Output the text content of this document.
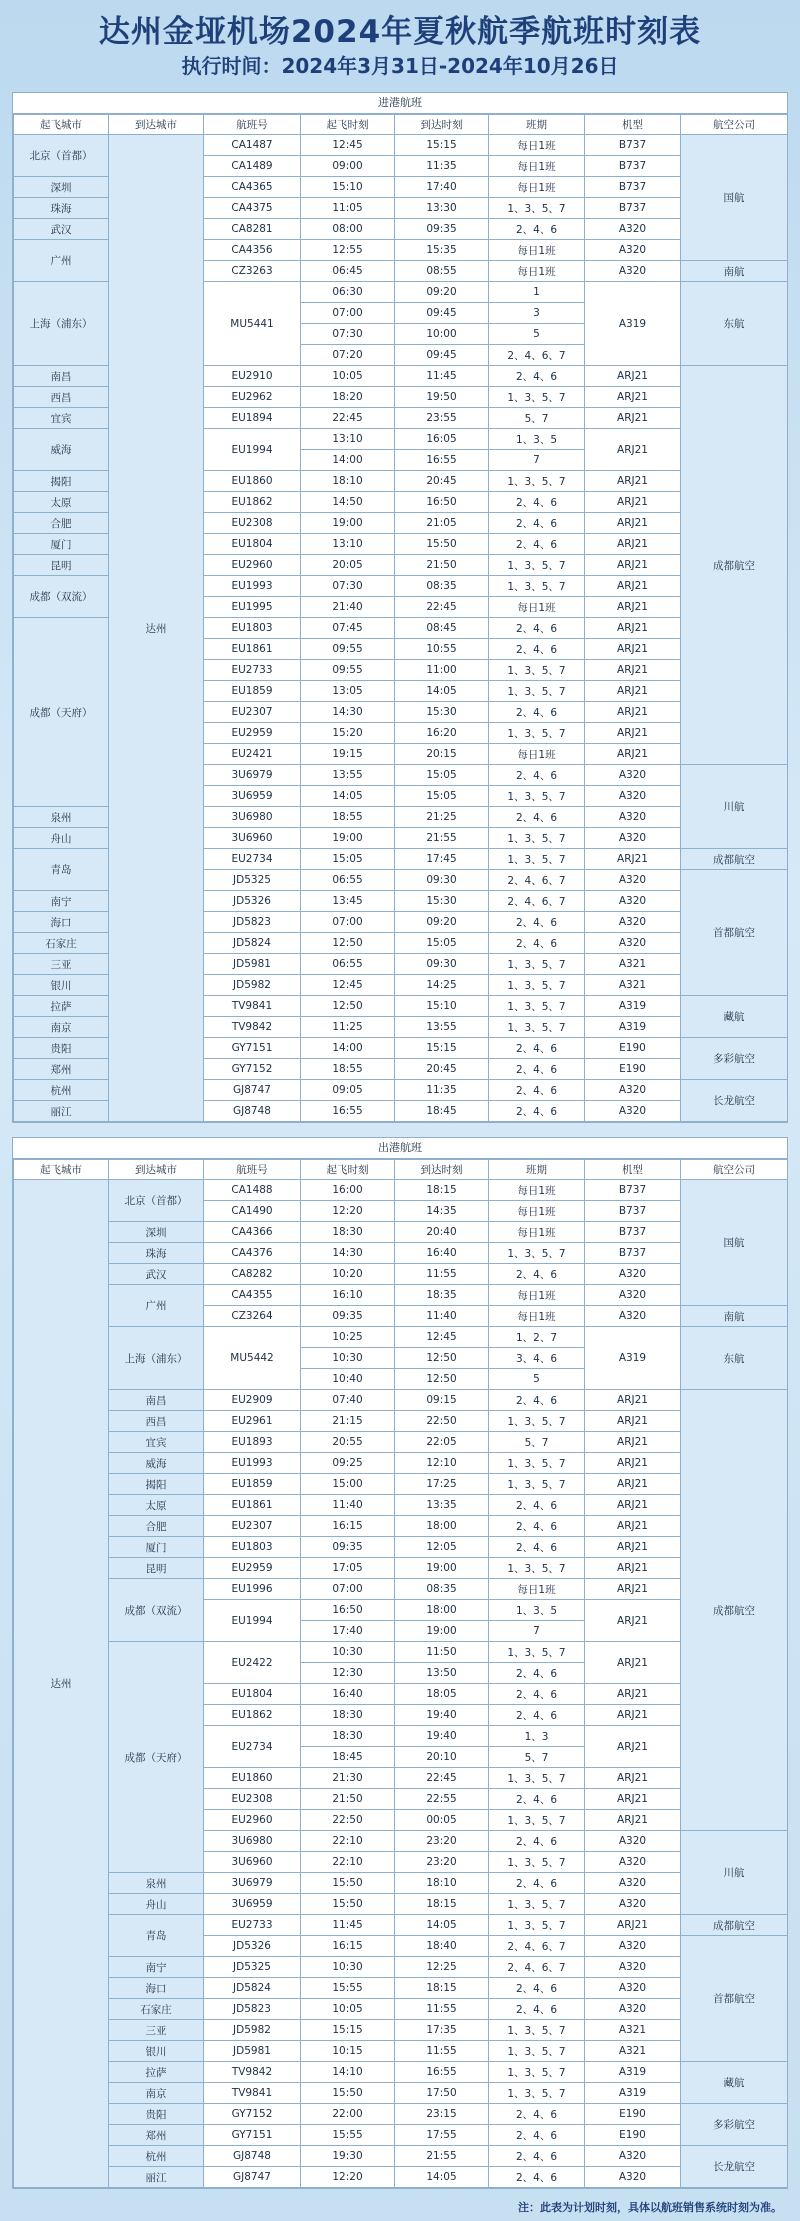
达州金垭机场2024年夏秋航季航班时刻表
执行时间：2024年3月31日-2024年10月26日
进港航班
起飞城市	到达城市	航班号	起飞时刻	到达时刻	班期	机型	航空公司
北京（首都）	达州	CA1487	12:45	15:15	每日1班	B737	国航
		CA1489	09:00	11:35	每日1班	B737	
深圳		CA4365	15:10	17:40	每日1班	B737	
珠海		CA4375	11:05	13:30	1、3、5、7	B737	
武汉		CA8281	08:00	09:35	2、4、6	A320	
广州		CA4356	12:55	15:35	每日1班	A320	
		CZ3263	06:45	08:55	每日1班	A320	南航
上海（浦东）		MU5441	06:30	09:20	1	A319	东航
			07:00	09:45	3		
			07:30	10:00	5		
			07:20	09:45	2、4、6、7		
南昌		EU2910	10:05	11:45	2、4、6	ARJ21	成都航空
西昌		EU2962	18:20	19:50	1、3、5、7	ARJ21	
宜宾		EU1894	22:45	23:55	5、7	ARJ21	
威海		EU1994	13:10	16:05	1、3、5	ARJ21	
			14:00	16:55	7		
揭阳		EU1860	18:10	20:45	1、3、5、7	ARJ21	
太原		EU1862	14:50	16:50	2、4、6	ARJ21	
合肥		EU2308	19:00	21:05	2、4、6	ARJ21	
厦门		EU1804	13:10	15:50	2、4、6	ARJ21	
昆明		EU2960	20:05	21:50	1、3、5、7	ARJ21	
成都（双流）		EU1993	07:30	08:35	1、3、5、7	ARJ21	
		EU1995	21:40	22:45	每日1班	ARJ21	
成都（天府）		EU1803	07:45	08:45	2、4、6	ARJ21	
		EU1861	09:55	10:55	2、4、6	ARJ21	
		EU2733	09:55	11:00	1、3、5、7	ARJ21	
		EU1859	13:05	14:05	1、3、5、7	ARJ21	
		EU2307	14:30	15:30	2、4、6	ARJ21	
		EU2959	15:20	16:20	1、3、5、7	ARJ21	
		EU2421	19:15	20:15	每日1班	ARJ21	
		3U6979	13:55	15:05	2、4、6	A320	川航
		3U6959	14:05	15:05	1、3、5、7	A320	
泉州		3U6980	18:55	21:25	2、4、6	A320	
舟山		3U6960	19:00	21:55	1、3、5、7	A320	
青岛		EU2734	15:05	17:45	1、3、5、7	ARJ21	成都航空
		JD5325	06:55	09:30	2、4、6、7	A320	首都航空
南宁		JD5326	13:45	15:30	2、4、6、7	A320	
海口		JD5823	07:00	09:20	2、4、6	A320	
石家庄		JD5824	12:50	15:05	2、4、6	A320	
三亚		JD5981	06:55	09:30	1、3、5、7	A321	
银川		JD5982	12:45	14:25	1、3、5、7	A321	
拉萨		TV9841	12:50	15:10	1、3、5、7	A319	藏航
南京		TV9842	11:25	13:55	1、3、5、7	A319	
贵阳		GY7151	14:00	15:15	2、4、6	E190	多彩航空
郑州		GY7152	18:55	20:45	2、4、6	E190	
杭州		GJ8747	09:05	11:35	2、4、6	A320	长龙航空
丽江		GJ8748	16:55	18:45	2、4、6	A320	
出港航班
起飞城市	到达城市	航班号	起飞时刻	到达时刻	班期	机型	航空公司
达州	北京（首都）	CA1488	16:00	18:15	每日1班	B737	国航
		CA1490	12:20	14:35	每日1班	B737	
	深圳	CA4366	18:30	20:40	每日1班	B737	
	珠海	CA4376	14:30	16:40	1、3、5、7	B737	
	武汉	CA8282	10:20	11:55	2、4、6	A320	
	广州	CA4355	16:10	18:35	每日1班	A320	
		CZ3264	09:35	11:40	每日1班	A320	南航
	上海（浦东）	MU5442	10:25	12:45	1、2、7	A319	东航
			10:30	12:50	3、4、6		
			10:40	12:50	5		
	南昌	EU2909	07:40	09:15	2、4、6	ARJ21	成都航空
	西昌	EU2961	21:15	22:50	1、3、5、7	ARJ21	
	宜宾	EU1893	20:55	22:05	5、7	ARJ21	
	威海	EU1993	09:25	12:10	1、3、5、7	ARJ21	
	揭阳	EU1859	15:00	17:25	1、3、5、7	ARJ21	
	太原	EU1861	11:40	13:35	2、4、6	ARJ21	
	合肥	EU2307	16:15	18:00	2、4、6	ARJ21	
	厦门	EU1803	09:35	12:05	2、4、6	ARJ21	
	昆明	EU2959	17:05	19:00	1、3、5、7	ARJ21	
	成都（双流）	EU1996	07:00	08:35	每日1班	ARJ21	
		EU1994	16:50	18:00	1、3、5	ARJ21	
			17:40	19:00	7		
	成都（天府）	EU2422	10:30	11:50	1、3、5、7	ARJ21	
			12:30	13:50	2、4、6		
		EU1804	16:40	18:05	2、4、6	ARJ21	
		EU1862	18:30	19:40	2、4、6	ARJ21	
		EU2734	18:30	19:40	1、3	ARJ21	
			18:45	20:10	5、7		
		EU1860	21:30	22:45	1、3、5、7	ARJ21	
		EU2308	21:50	22:55	2、4、6	ARJ21	
		EU2960	22:50	00:05	1、3、5、7	ARJ21	
		3U6980	22:10	23:20	2、4、6	A320	川航
		3U6960	22:10	23:20	1、3、5、7	A320	
	泉州	3U6979	15:50	18:10	2、4、6	A320	
	舟山	3U6959	15:50	18:15	1、3、5、7	A320	
	青岛	EU2733	11:45	14:05	1、3、5、7	ARJ21	成都航空
		JD5326	16:15	18:40	2、4、6、7	A320	首都航空
	南宁	JD5325	10:30	12:25	2、4、6、7	A320	
	海口	JD5824	15:55	18:15	2、4、6	A320	
	石家庄	JD5823	10:05	11:55	2、4、6	A320	
	三亚	JD5982	15:15	17:35	1、3、5、7	A321	
	银川	JD5981	10:15	11:55	1、3、5、7	A321	
	拉萨	TV9842	14:10	16:55	1、3、5、7	A319	藏航
	南京	TV9841	15:50	17:50	1、3、5、7	A319	
	贵阳	GY7152	22:00	23:15	2、4、6	E190	多彩航空
	郑州	GY7151	15:55	17:55	2、4、6	E190	
	杭州	GJ8748	19:30	21:55	2、4、6	A320	长龙航空
	丽江	GJ8747	12:20	14:05	2、4、6	A320	
注：此表为计划时刻，具体以航班销售系统时刻为准。
